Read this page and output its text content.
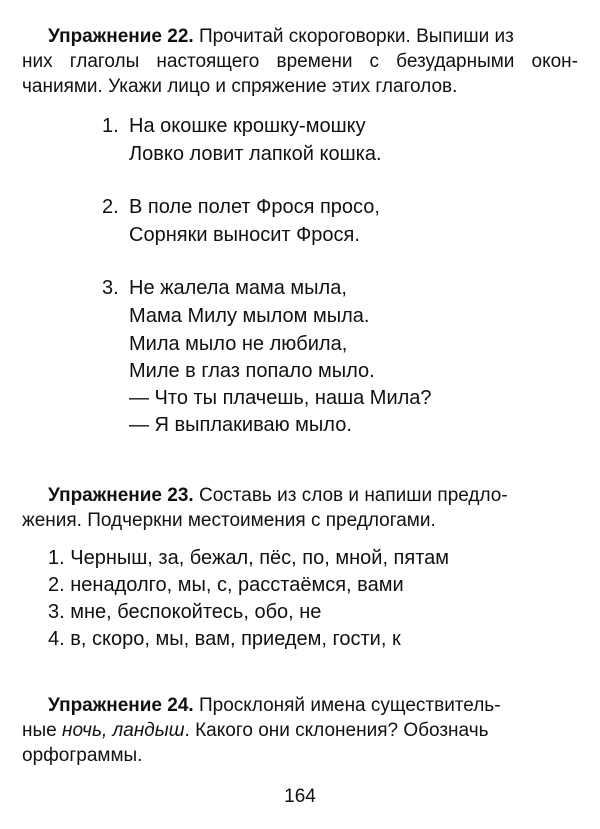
Упражнение 22. Прочитай скороговорки. Выпиши из
них глаголы настоящего времени с безударными окон-
чаниями. Укажи лицо и спряжение этих глаголов.
1. На окошке крошку-мошку
Ловко ловит лапкой кошка.
2. В поле полет Фрося просо,
Сорняки выносит Фрося.
3. Не жалела мама мыла,
Мама Милу мылом мыла.
Мила мыло не любила,
Миле в глаз попало мыло.
— Что ты плачешь, наша Мила?
— Я выплакиваю мыло.
Упражнение 23. Составь из слов и напиши предло-
жения. Подчеркни местоимения с предлогами.
1. Черныш, за, бежал, пёс, по, мной, пятам
2. ненадолго, мы, с, расстаёмся, вами
3. мне, беспокойтесь, обо, не
4. в, скоро, мы, вам, приедем, гости, к
Упражнение 24. Просклоняй имена существитель-
ные ночь, ландыш. Какого они склонения? Обозначь
орфограммы.
164
